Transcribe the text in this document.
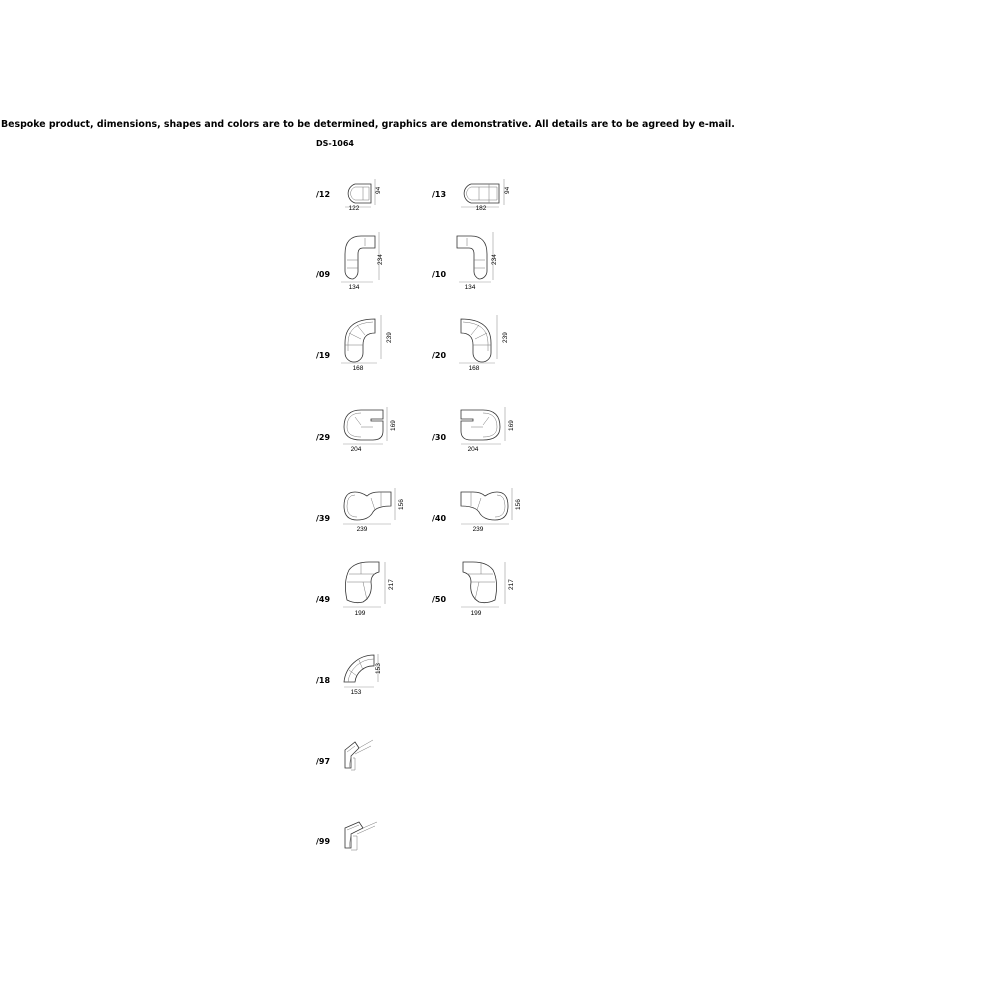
Bespoke product, dimensions, shapes and colors are to be determined, graphics are demonstrative. All details are to be agreed by e-mail.
DS-1064
/12	94
122
/13	94
182
/09
234
134
/10
234
134
/19
239
168
/20
239
168
/29
169
204
/30
169
204
/39
156
239
/40
156
239
/49
217
199
/50
217
199
/18
153
153
/97
/99
